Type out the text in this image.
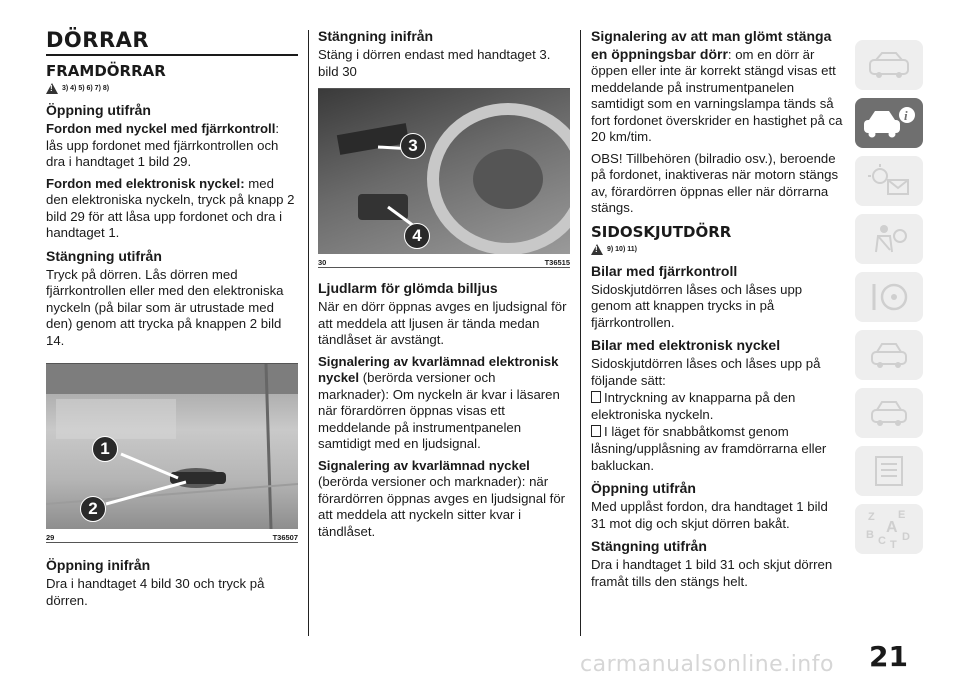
DÖRRAR
FRAMDÖRRAR
!
3) 4) 5) 6) 7) 8)
Öppning utifrån

Fordon med nyckel med fjärrkontroll: lås upp fordonet med fjärrkontrollen och dra i handtaget 1 bild 29.

Fordon med elektronisk nyckel: med den elektroniska nyckeln, tryck på knapp 2 bild 29 för att låsa upp fordonet och dra i handtaget 1.

Stängning utifrån

Tryck på dörren. Lås dörren med fjärrkontrollen eller med den elektroniska nyckeln (på bilar som är utrustade med den) genom att trycka på knappen 2 bild 14.

1
2
29	T36507
Öppning inifrån

Dra i handtaget 4 bild 30 och tryck på dörren.

Stängning inifrån

Stäng i dörren endast med handtaget 3. bild 30

3
4
30	T36515
Ljudlarm för glömda billjus

När en dörr öppnas avges en ljudsignal för att meddela att ljusen är tända medan tändlåset är avstängt.

Signalering av kvarlämnad elektronisk nyckel (berörda versioner och marknader): Om nyckeln är kvar i läsaren när förardörren öppnas visas ett meddelande på instrumentpanelen samtidigt med en ljudsignal.

Signalering av kvarlämnad nyckel (berörda versioner och marknader): när förardörren öppnas avges en ljudsignal för att meddela att nyckeln sitter kvar i tändlåset.

Signalering av att man glömt stänga en öppningsbar dörr: om en dörr är öppen eller inte är korrekt stängd visas ett meddelande på instrumentpanelen samtidigt som en varningslampa tänds så fort fordonet överskrider en hastighet på ca 20 km/tim.

OBS! Tillbehören (bilradio osv.), beroende på fordonet, inaktiveras när motorn stängs av, förardörren öppnas eller när dörrarna stängs.

SIDOSKJUTDÖRR
!
9) 10) 11)
Bilar med fjärrkontroll

Sidoskjutdörren låses och låses upp genom att knappen trycks in på fjärrkontrollen.

Bilar med elektronisk nyckel

Sidoskjutdörren låses och låses upp på följande sätt:

Intryckning av knapparna på den elektroniska nyckeln.
I läget för snabbåtkomst genom låsning/upplåsning av framdörrarna eller bakluckan.
Öppning utifrån

Med upplåst fordon, dra handtaget 1 bild 31 mot dig och skjut dörren bakåt.

Stängning utifrån

Dra i handtaget 1 bild 31 och skjut dörren framåt tills den stängs helt.

i
Z E
B C
A
D
T
21
carmanualsonline.info
